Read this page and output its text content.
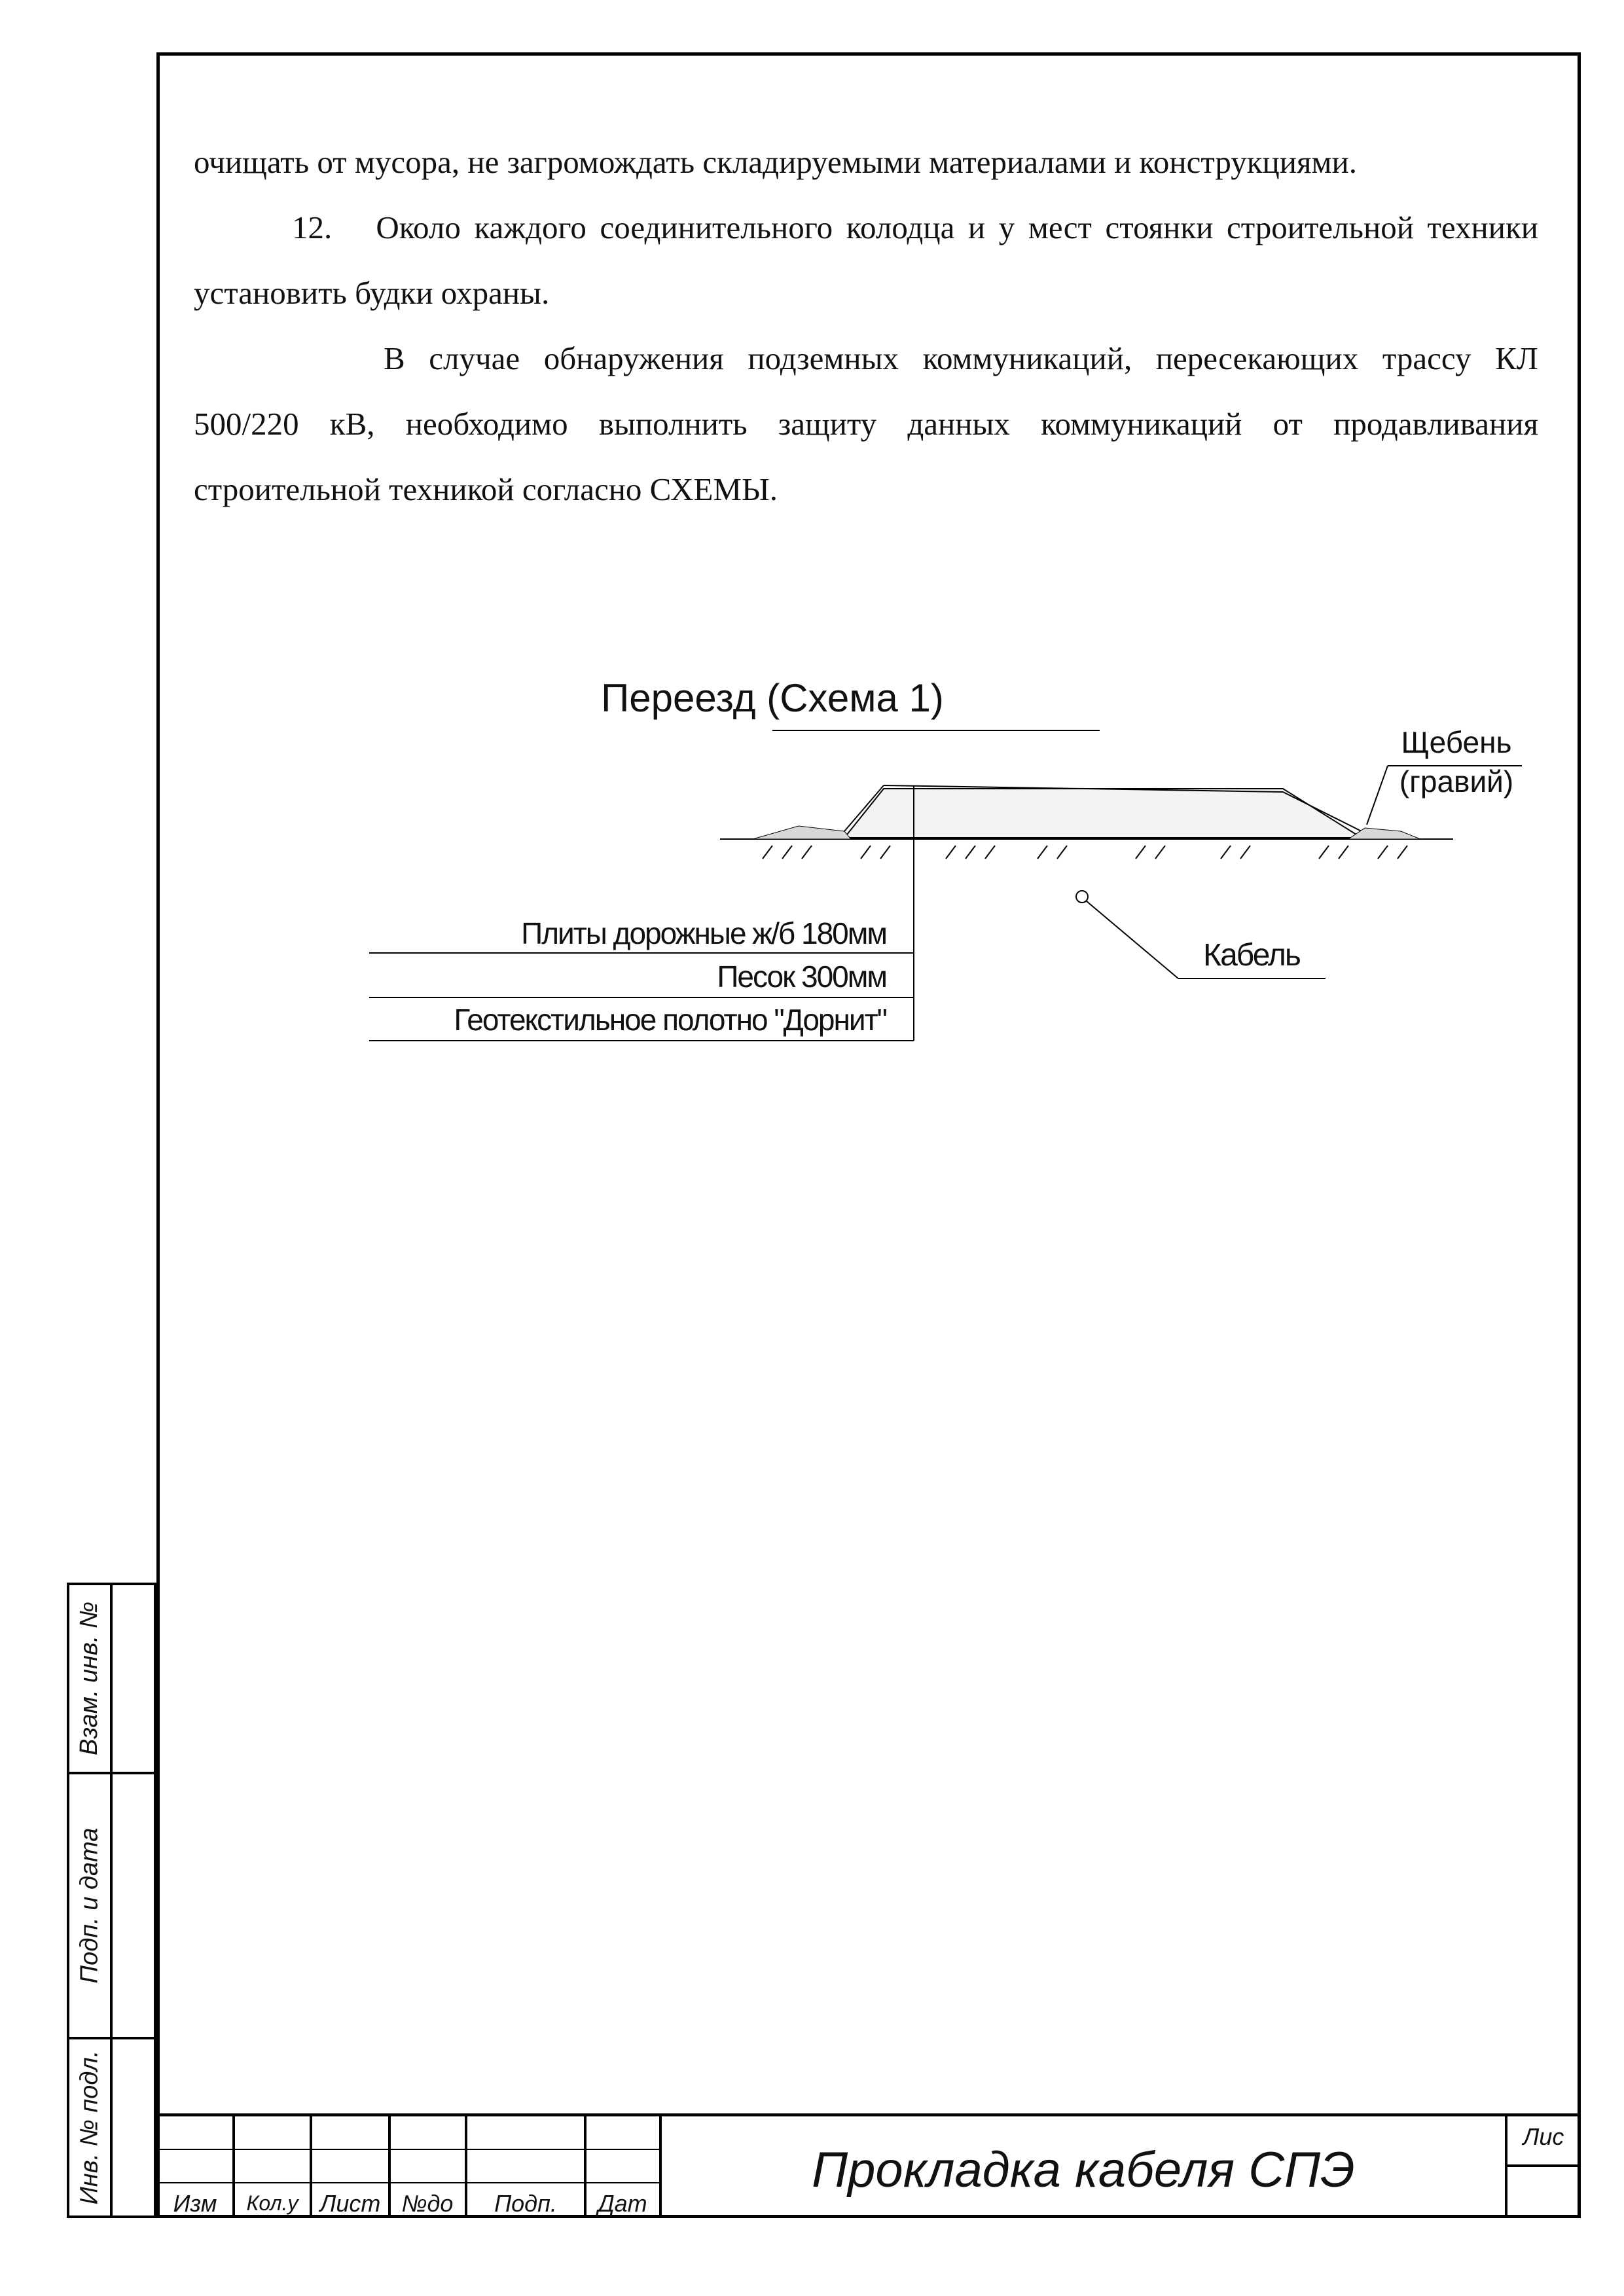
очищать от мусора, не загромождать складируемыми материалами и конструкциями.

12.	Около каждого соединительного колодца и у мест стоянки строительной техники установить будки охраны.

В случае обнаружения подземных коммуникаций, пересекающих трассу КЛ 500/220 кВ, необходимо выполнить защиту данных коммуникаций от продавливания строительной техникой согласно СХЕМЫ.

Переезд (Схема 1)
Щебень
(гравий)
Плиты дорожные ж/б 180мм
Песок 300мм
Геотекстильное полотно "Дорнит"
Кабель
Взам. инв. №
Подп. и дата
Инв. № подл.	Изм Кол.у Лист №до Подп. Дат
Прокладка кабеля СПЭ
Лис
